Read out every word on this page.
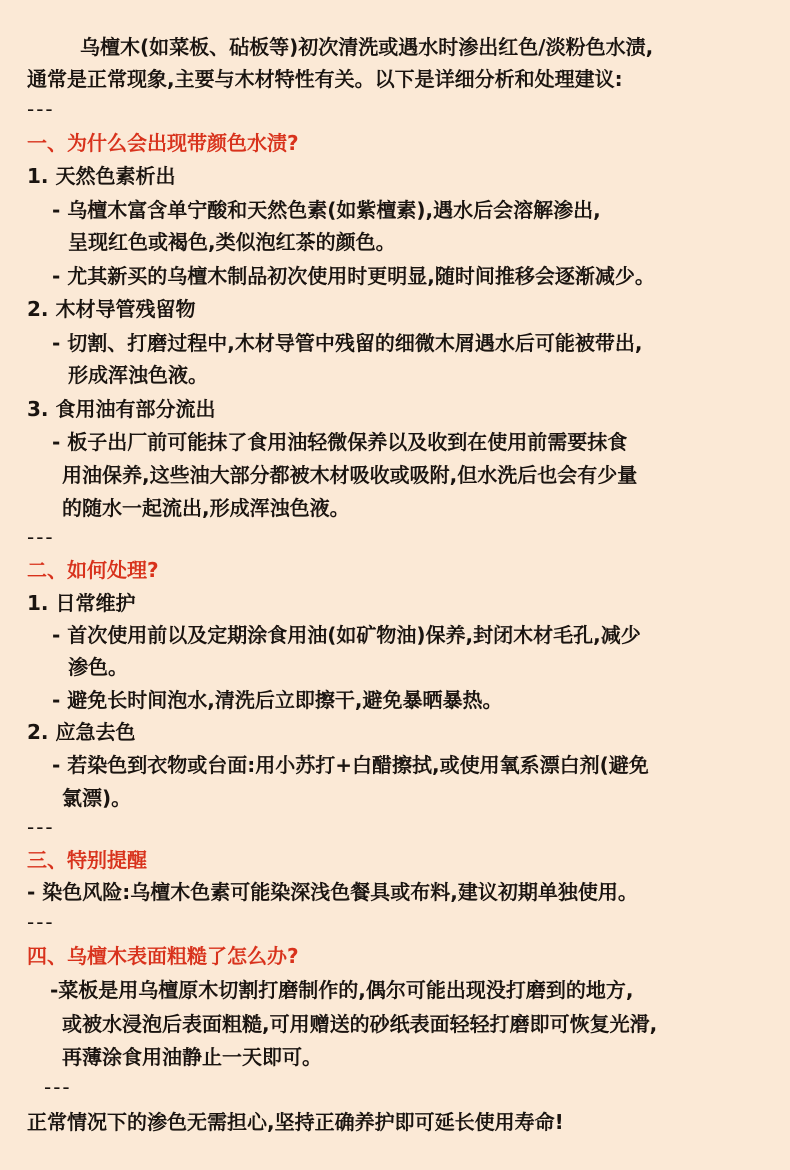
乌檀木(如菜板、砧板等)初次清洗或遇水时渗出红色/淡粉色水渍,
通常是正常现象,主要与木材特性有关。以下是详细分析和处理建议:
---
一、为什么会出现带颜色水渍?
1. 天然色素析出
- 乌檀木富含单宁酸和天然色素(如紫檀素),遇水后会溶解渗出,
呈现红色或褐色,类似泡红茶的颜色。
- 尤其新买的乌檀木制品初次使用时更明显,随时间推移会逐渐减少。
2. 木材导管残留物
- 切割、打磨过程中,木材导管中残留的细微木屑遇水后可能被带出,
形成浑浊色液。
3. 食用油有部分流出
- 板子出厂前可能抹了食用油轻微保养以及收到在使用前需要抹食
用油保养,这些油大部分都被木材吸收或吸附,但水洗后也会有少量
的随水一起流出,形成浑浊色液。
---
二、如何处理?
1. 日常维护
- 首次使用前以及定期涂食用油(如矿物油)保养,封闭木材毛孔,减少
渗色。
- 避免长时间泡水,清洗后立即擦干,避免暴晒暴热。
2. 应急去色
- 若染色到衣物或台面:用小苏打+白醋擦拭,或使用氧系漂白剂(避免
氯漂)。
---
三、特别提醒
- 染色风险:乌檀木色素可能染深浅色餐具或布料,建议初期单独使用。
---
四、乌檀木表面粗糙了怎么办?
-菜板是用乌檀原木切割打磨制作的,偶尔可能出现没打磨到的地方,
或被水浸泡后表面粗糙,可用赠送的砂纸表面轻轻打磨即可恢复光滑,
再薄涂食用油静止一天即可。
---
正常情况下的渗色无需担心,坚持正确养护即可延长使用寿命!
